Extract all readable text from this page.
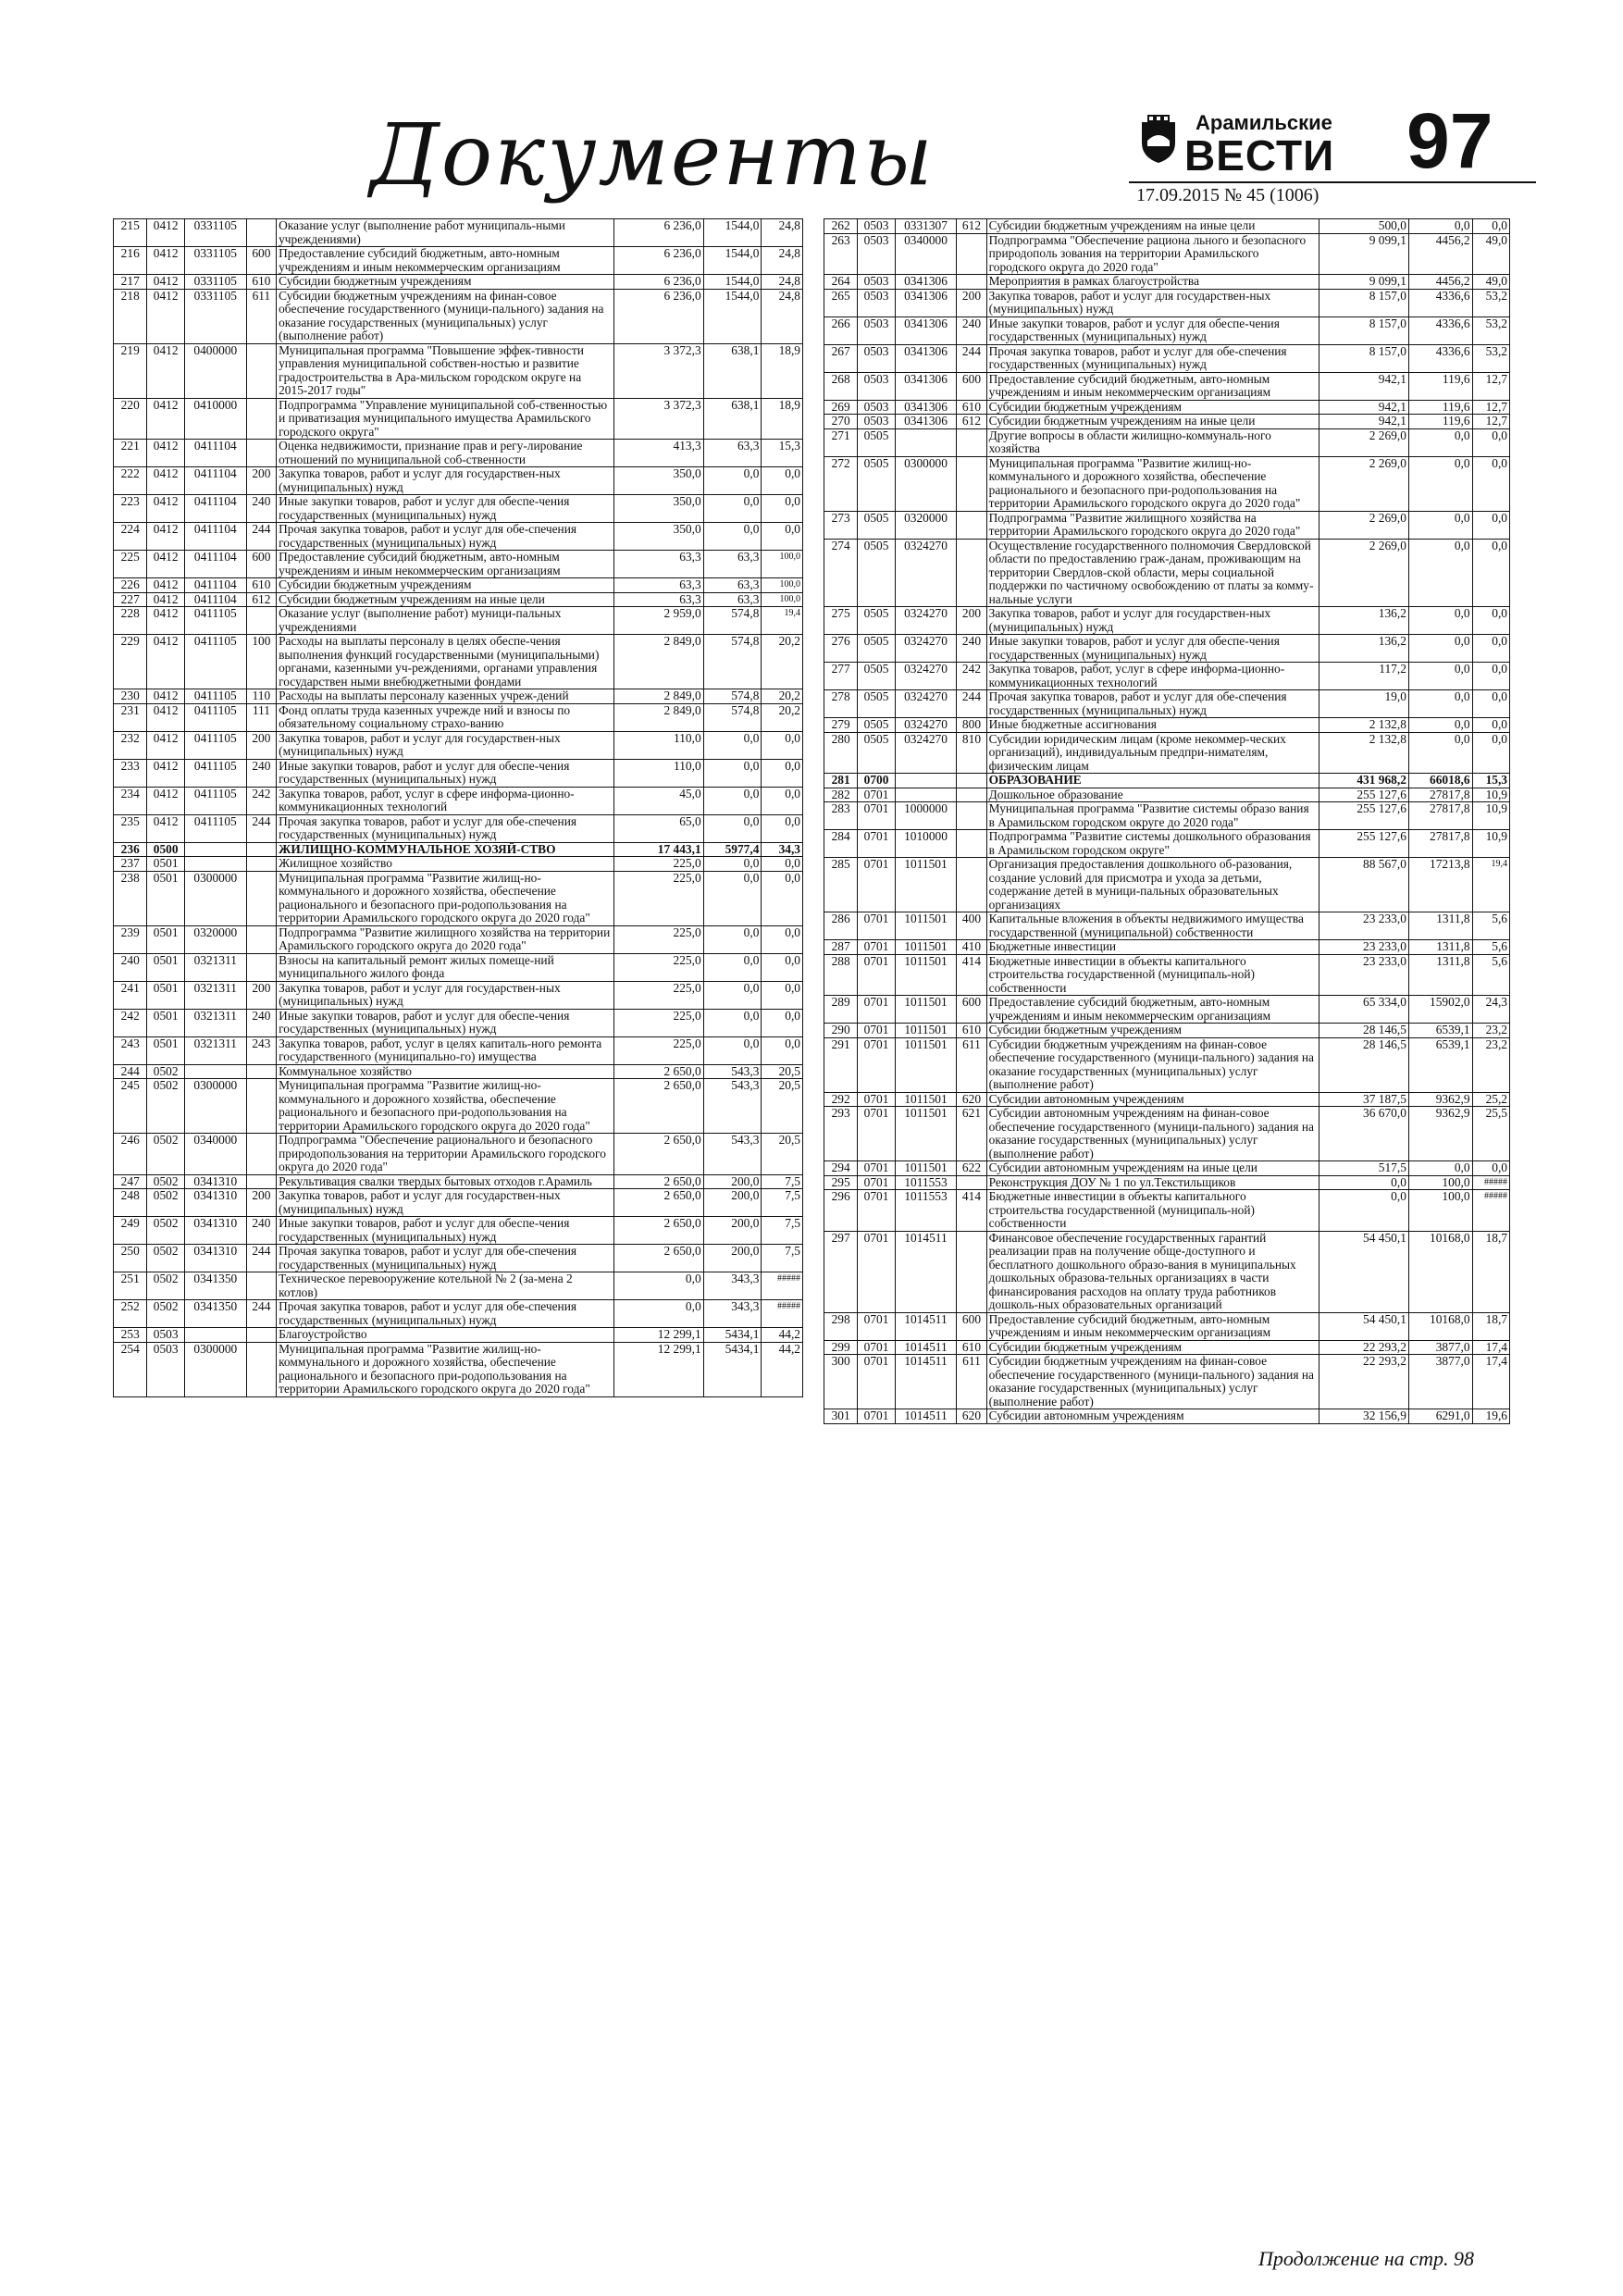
Документы	Арамильские
ВЕСТИ
17.09.2015 № 45 (1006)
97
215	0412	0331105		Оказание услуг (выполнение работ муниципаль-ными учреждениями)	6 236,0	1544,0	24,8
216	0412	0331105	600	Предоставление субсидий бюджетным, авто-номным учреждениям и иным некоммерческим организациям	6 236,0	1544,0	24,8
217	0412	0331105	610	Субсидии бюджетным учреждениям	6 236,0	1544,0	24,8
218	0412	0331105	611	Субсидии бюджетным учреждениям на финан-совое обеспечение государственного (муници-пального) задания на оказание государственных (муниципальных) услуг (выполнение работ)	6 236,0	1544,0	24,8
219	0412	0400000		Муниципальная программа "Повышение эффек-тивности управления муниципальной собствен-ностью и развитие градостроительства в Ара-мильском городском округе на 2015-2017 годы"	3 372,3	638,1	18,9
220	0412	0410000		Подпрограмма "Управление муниципальной соб-ственностью и приватизация муниципального имущества Арамильского городского округа"	3 372,3	638,1	18,9
221	0412	0411104		Оценка недвижимости, признание прав и регу-лирование отношений по муниципальной соб-ственности	413,3	63,3	15,3
222	0412	0411104	200	Закупка товаров, работ и услуг для государствен-ных (муниципальных) нужд	350,0	0,0	0,0
223	0412	0411104	240	Иные закупки товаров, работ и услуг для обеспе-чения государственных (муниципальных) нужд	350,0	0,0	0,0
224	0412	0411104	244	Прочая закупка товаров, работ и услуг для обе-спечения государственных (муниципальных) нужд	350,0	0,0	0,0
225	0412	0411104	600	Предоставление субсидий бюджетным, авто-номным учреждениям и иным некоммерческим организациям	63,3	63,3	100,0
226	0412	0411104	610	Субсидии бюджетным учреждениям	63,3	63,3	100,0
227	0412	0411104	612	Субсидии бюджетным учреждениям на иные цели	63,3	63,3	100,0
228	0412	0411105		Оказание услуг (выполнение работ) муници-пальных учреждениями	2 959,0	574,8	19,4
229	0412	0411105	100	Расходы на выплаты персоналу в целях обеспе-чения выполнения функций государственными (муниципальными) органами, казенными уч-реждениями, органами управления государствен ными внебюджетными фондами	2 849,0	574,8	20,2
230	0412	0411105	110	Расходы на выплаты персоналу казенных учреж-дений	2 849,0	574,8	20,2
231	0412	0411105	111	Фонд оплаты труда казенных учрежде ний и взносы по обязательному социальному страхо-ванию	2 849,0	574,8	20,2
232	0412	0411105	200	Закупка товаров, работ и услуг для государствен-ных (муниципальных) нужд	110,0	0,0	0,0
233	0412	0411105	240	Иные закупки товаров, работ и услуг для обеспе-чения государственных (муниципальных) нужд	110,0	0,0	0,0
234	0412	0411105	242	Закупка товаров, работ, услуг в сфере информа-ционно-коммуникационных технологий	45,0	0,0	0,0
235	0412	0411105	244	Прочая закупка товаров, работ и услуг для обе-спечения государственных (муниципальных) нужд	65,0	0,0	0,0
236	0500			ЖИЛИЩНО-КОММУНАЛЬНОЕ ХОЗЯЙ-СТВО	17 443,1	5977,4	34,3
237	0501			Жилищное хозяйство	225,0	0,0	0,0
238	0501	0300000		Муниципальная программа "Развитие жилищ-но-коммунального и дорожного хозяйства, обеспечение рационального и безопасного при-родопользования на территории Арамильского городского округа до 2020 года"	225,0	0,0	0,0
239	0501	0320000		Подпрограмма "Развитие жилищного хозяйства на территории Арамильского городского округа до 2020 года"	225,0	0,0	0,0
240	0501	0321311		Взносы на капитальный ремонт жилых помеще-ний муниципального жилого фонда	225,0	0,0	0,0
241	0501	0321311	200	Закупка товаров, работ и услуг для государствен-ных (муниципальных) нужд	225,0	0,0	0,0
242	0501	0321311	240	Иные закупки товаров, работ и услуг для обеспе-чения государственных (муниципальных) нужд	225,0	0,0	0,0
243	0501	0321311	243	Закупка товаров, работ, услуг в целях капиталь-ного ремонта государственного (муниципально-го) имущества	225,0	0,0	0,0
244	0502			Коммунальное хозяйство	2 650,0	543,3	20,5
245	0502	0300000		Муниципальная программа "Развитие жилищ-но-коммунального и дорожного хозяйства, обеспечение рационального и безопасного при-родопользования на территории Арамильского городского округа до 2020 года"	2 650,0	543,3	20,5
246	0502	0340000		Подпрограмма "Обеспечение рационального и безопасного природопользования на территории Арамильского городского округа до 2020 года"	2 650,0	543,3	20,5
247	0502	0341310		Рекультивация свалки твердых бытовых отходов г.Арамиль	2 650,0	200,0	7,5
248	0502	0341310	200	Закупка товаров, работ и услуг для государствен-ных (муниципальных) нужд	2 650,0	200,0	7,5
249	0502	0341310	240	Иные закупки товаров, работ и услуг для обеспе-чения государственных (муниципальных) нужд	2 650,0	200,0	7,5
250	0502	0341310	244	Прочая закупка товаров, работ и услуг для обе-спечения государственных (муниципальных) нужд	2 650,0	200,0	7,5
251	0502	0341350		Техническое перевооружение котельной № 2 (за-мена 2 котлов)	0,0	343,3	#####
252	0502	0341350	244	Прочая закупка товаров, работ и услуг для обе-спечения государственных (муниципальных) нужд	0,0	343,3	#####
253	0503			Благоустройство	12 299,1	5434,1	44,2
254	0503	0300000		Муниципальная программа "Развитие жилищ-но-коммунального и дорожного хозяйства, обеспечение рационального и безопасного при-родопользования на территории Арамильского городского округа до 2020 года"	12 299,1	5434,1	44,2
262	0503	0331307	612	Субсидии бюджетным учреждениям на иные цели	500,0	0,0	0,0
263	0503	0340000		Подпрограмма "Обеспечение рациона льного и безопасного природополь зования на территории Арамильского городского округа до 2020 года"	9 099,1	4456,2	49,0
264	0503	0341306		Мероприятия в рамках благоустройства	9 099,1	4456,2	49,0
265	0503	0341306	200	Закупка товаров, работ и услуг для государствен-ных (муниципальных) нужд	8 157,0	4336,6	53,2
266	0503	0341306	240	Иные закупки товаров, работ и услуг для обеспе-чения государственных (муниципальных) нужд	8 157,0	4336,6	53,2
267	0503	0341306	244	Прочая закупка товаров, работ и услуг для обе-спечения государственных (муниципальных) нужд	8 157,0	4336,6	53,2
268	0503	0341306	600	Предоставление субсидий бюджетным, авто-номным учреждениям и иным некоммерческим организациям	942,1	119,6	12,7
269	0503	0341306	610	Субсидии бюджетным учреждениям	942,1	119,6	12,7
270	0503	0341306	612	Субсидии бюджетным учреждениям на иные цели	942,1	119,6	12,7
271	0505			Другие вопросы в области жилищно-коммуналь-ного хозяйства	2 269,0	0,0	0,0
272	0505	0300000		Муниципальная программа "Развитие жилищ-но-коммунального и дорожного хозяйства, обеспечение рационального и безопасного при-родопользования на территории Арамильского городского округа до 2020 года"	2 269,0	0,0	0,0
273	0505	0320000		Подпрограмма "Развитие жилищного хозяйства на территории Арамильского городского округа до 2020 года"	2 269,0	0,0	0,0
274	0505	0324270		Осуществление государственного полномочия Свердловской области по предоставлению граж-данам, проживающим на территории Свердлов-ской области, меры социальной поддержки по частичному освобождению от платы за комму-нальные услуги	2 269,0	0,0	0,0
275	0505	0324270	200	Закупка товаров, работ и услуг для государствен-ных (муниципальных) нужд	136,2	0,0	0,0
276	0505	0324270	240	Иные закупки товаров, работ и услуг для обеспе-чения государственных (муниципальных) нужд	136,2	0,0	0,0
277	0505	0324270	242	Закупка товаров, работ, услуг в сфере информа-ционно-коммуникационных технологий	117,2	0,0	0,0
278	0505	0324270	244	Прочая закупка товаров, работ и услуг для обе-спечения государственных (муниципальных) нужд	19,0	0,0	0,0
279	0505	0324270	800	Иные бюджетные ассигнования	2 132,8	0,0	0,0
280	0505	0324270	810	Субсидии юридическим лицам (кроме некоммер-ческих организаций), индивидуальным предпри-нимателям, физическим лицам	2 132,8	0,0	0,0
281	0700			ОБРАЗОВАНИЕ	431 968,2	66018,6	15,3
282	0701			Дошкольное образование	255 127,6	27817,8	10,9
283	0701	1000000		Муниципальная программа "Развитие системы образо вания в Арамильском городском округе до 2020 года"	255 127,6	27817,8	10,9
284	0701	1010000		Подпрограмма "Развитие системы дошкольного образования в Арамильском городском округе"	255 127,6	27817,8	10,9
285	0701	1011501		Организация предоставления дошкольного об-разования, создание условий для присмотра и ухода за детьми, содержание детей в муници-пальных образовательных организациях	88 567,0	17213,8	19,4
286	0701	1011501	400	Капитальные вложения в объекты недвижимого имущества государственной (муниципальной) собственности	23 233,0	1311,8	5,6
287	0701	1011501	410	Бюджетные инвестиции	23 233,0	1311,8	5,6
288	0701	1011501	414	Бюджетные инвестиции в объекты капитального строительства государственной (муниципаль-ной) собственности	23 233,0	1311,8	5,6
289	0701	1011501	600	Предоставление субсидий бюджетным, авто-номным учреждениям и иным некоммерческим организациям	65 334,0	15902,0	24,3
290	0701	1011501	610	Субсидии бюджетным учреждениям	28 146,5	6539,1	23,2
291	0701	1011501	611	Субсидии бюджетным учреждениям на финан-совое обеспечение государственного (муници-пального) задания на оказание государственных (муниципальных) услуг (выполнение работ)	28 146,5	6539,1	23,2
292	0701	1011501	620	Субсидии автономным учреждениям	37 187,5	9362,9	25,2
293	0701	1011501	621	Субсидии автономным учреждениям на финан-совое обеспечение государственного (муници-пального) задания на оказание государственных (муниципальных) услуг (выполнение работ)	36 670,0	9362,9	25,5
294	0701	1011501	622	Субсидии автономным учреждениям на иные цели	517,5	0,0	0,0
295	0701	1011553		Реконструкция ДОУ № 1 по ул.Текстильщиков	0,0	100,0	#####
296	0701	1011553	414	Бюджетные инвестиции в объекты капитального строительства государственной (муниципаль-ной) собственности	0,0	100,0	#####
297	0701	1014511		Финансовое обеспечение государственных гарантий реализации прав на получение обще-доступного и бесплатного дошкольного образо-вания в муниципальных дошкольных образова-тельных организациях в части финансирования расходов на оплату труда работников дошколь-ных образовательных организаций	54 450,1	10168,0	18,7
298	0701	1014511	600	Предоставление субсидий бюджетным, авто-номным учреждениям и иным некоммерческим организациям	54 450,1	10168,0	18,7
299	0701	1014511	610	Субсидии бюджетным учреждениям	22 293,2	3877,0	17,4
300	0701	1014511	611	Субсидии бюджетным учреждениям на финан-совое обеспечение государственного (муници-пального) задания на оказание государственных (муниципальных) услуг (выполнение работ)	22 293,2	3877,0	17,4
301	0701	1014511	620	Субсидии автономным учреждениям	32 156,9	6291,0	19,6
Продолжение на стр. 98
